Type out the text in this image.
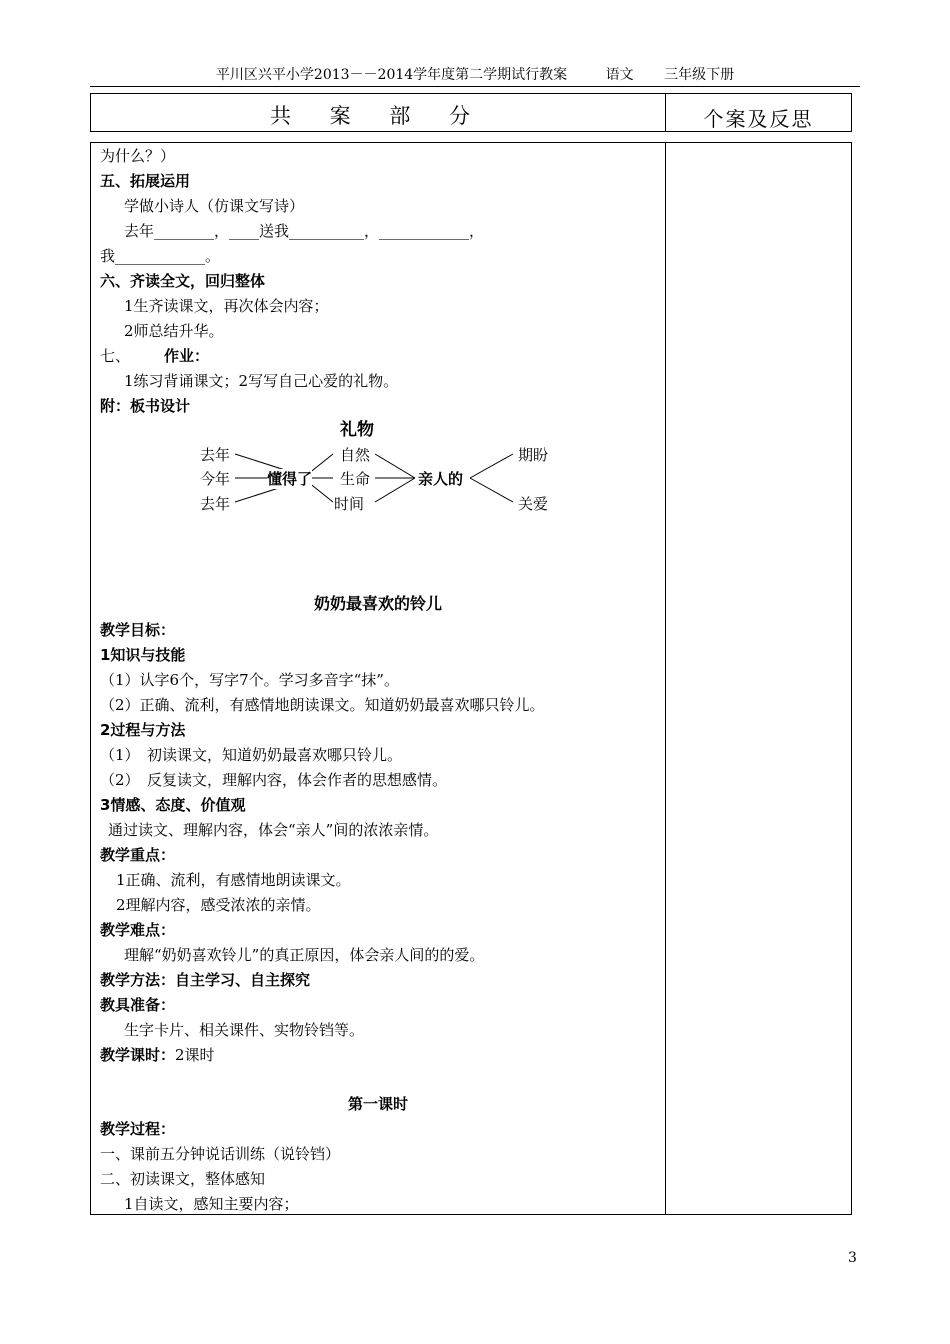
平川区兴平小学2013－－2014学年度第二学期试行教案	语文 三年级下册
共 案 部 分	个案及反思
为什么？）
五、拓展运用
学做小诗人（仿课文写诗）
去年________，____送我__________，____________，
我____________。
六、齐读全文，回归整体
1生齐读课文，再次体会内容；
2师总结升华。
七、 作业：
1练习背诵课文；2写写自己心爱的礼物。
附：板书设计
礼物
去年
今年
去年
懂得了
自然
生命
时间
亲人的
期盼
关爱
奶奶最喜欢的铃儿
教学目标：
1知识与技能
（1）认字6个，写字7个。学习多音字“抹”。
（2）正确、流利，有感情地朗读课文。知道奶奶最喜欢哪只铃儿。
2过程与方法
（1）　初读课文，知道奶奶最喜欢哪只铃儿。
（2）　反复读文，理解内容，体会作者的思想感情。
3情感、态度、价值观
通过读文、理解内容，体会“亲人”间的浓浓亲情。
教学重点：
1正确、流利，有感情地朗读课文。
2理解内容，感受浓浓的亲情。
教学难点：
理解“奶奶喜欢铃儿”的真正原因，体会亲人间的的爱。
教学方法：自主学习、自主探究
教具准备：
生字卡片、相关课件、实物铃铛等。
教学课时：2课时
第一课时
教学过程：
一、课前五分钟说话训练（说铃铛）
二、初读课文，整体感知
1自读文，感知主要内容；
3
